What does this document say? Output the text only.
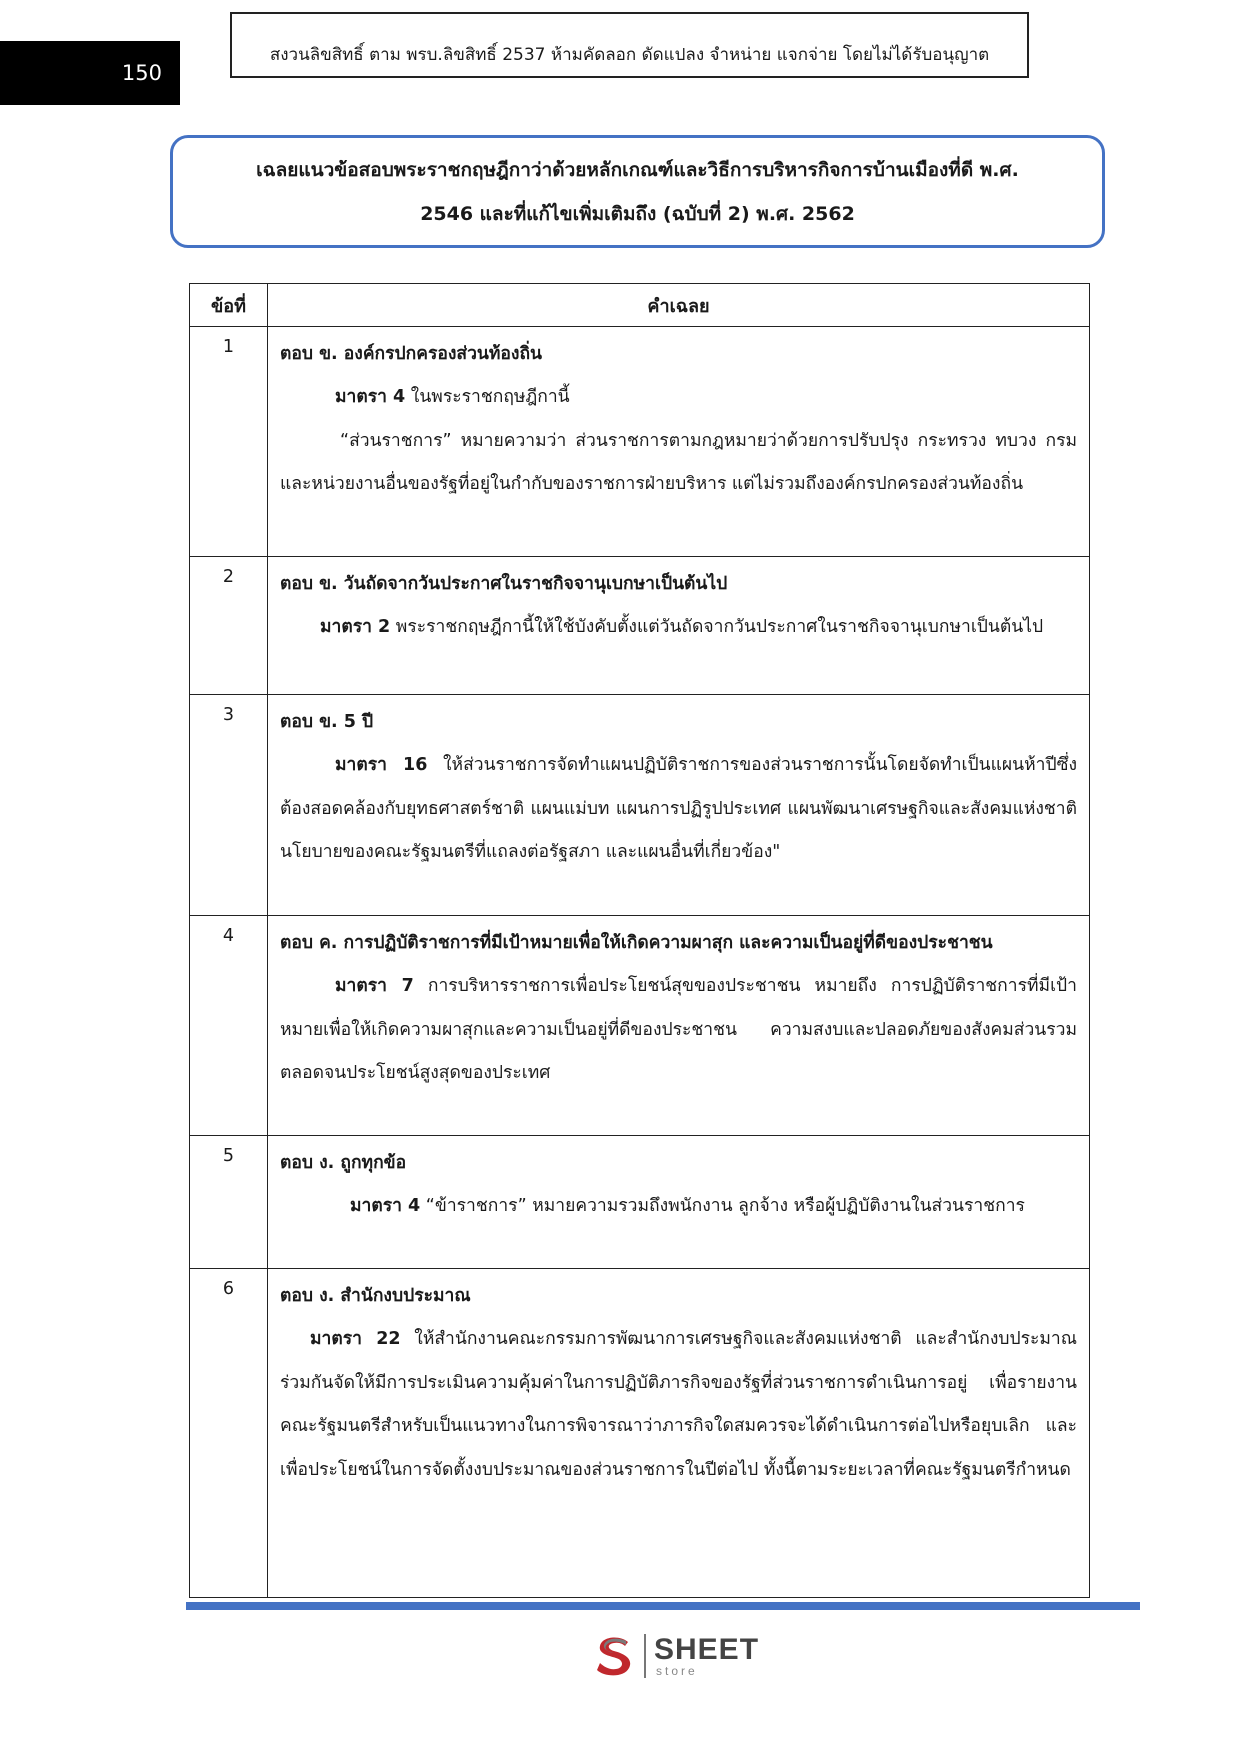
150
สงวนลิขสิทธิ์ ตาม พรบ.ลิขสิทธิ์ 2537 ห้ามคัดลอก ดัดแปลง จำหน่าย แจกจ่าย โดยไม่ได้รับอนุญาต
เฉลยแนวข้อสอบพระราชกฤษฎีกาว่าด้วยหลักเกณฑ์และวิธีการบริหารกิจการบ้านเมืองที่ดี พ.ศ.
2546 และที่แก้ไขเพิ่มเติมถึง (ฉบับที่ 2) พ.ศ. 2562
ข้อที่	คำเฉลย
1	ตอบ ข. องค์กรปกครองส่วนท้องถิ่น
มาตรา 4 ในพระราชกฤษฎีกานี้
“ส่วนราชการ” หมายความว่า ส่วนราชการตามกฎหมายว่าด้วยการปรับปรุง กระทรวง ทบวง กรม และหน่วยงานอื่นของรัฐที่อยู่ในกำกับของราชการฝ่ายบริหาร แต่ไม่รวมถึงองค์กรปกครองส่วนท้องถิ่น

2	ตอบ ข. วันถัดจากวันประกาศในราชกิจจานุเบกษาเป็นต้นไป
มาตรา 2 พระราชกฤษฎีกานี้ให้ใช้บังคับตั้งแต่วันถัดจากวันประกาศในราชกิจจานุเบกษาเป็นต้นไป

3	ตอบ ข. 5 ปี
มาตรา 16 ให้ส่วนราชการจัดทำแผนปฏิบัติราชการของส่วนราชการนั้นโดยจัดทำเป็นแผนห้าปีซึ่งต้องสอดคล้องกับยุทธศาสตร์ชาติ แผนแม่บท แผนการปฏิรูปประเทศ แผนพัฒนาเศรษฐกิจและสังคมแห่งชาติ นโยบายของคณะรัฐมนตรีที่แถลงต่อรัฐสภา และแผนอื่นที่เกี่ยวข้อง"

4	ตอบ ค. การปฏิบัติราชการที่มีเป้าหมายเพื่อให้เกิดความผาสุก และความเป็นอยู่ที่ดีของประชาชน
มาตรา 7 การบริหารราชการเพื่อประโยชน์สุขของประชาชน หมายถึง การปฏิบัติราชการที่มีเป้าหมายเพื่อให้เกิดความผาสุกและความเป็นอยู่ที่ดีของประชาชน ความสงบและปลอดภัยของสังคมส่วนรวม ตลอดจนประโยชน์สูงสุดของประเทศ

5	ตอบ ง. ถูกทุกข้อ
มาตรา 4 “ข้าราชการ” หมายความรวมถึงพนักงาน ลูกจ้าง หรือผู้ปฏิบัติงานในส่วนราชการ

6	ตอบ ง. สำนักงบประมาณ
มาตรา 22 ให้สำนักงานคณะกรรมการพัฒนาการเศรษฐกิจและสังคมแห่งชาติ และสำนักงบประมาณร่วมกันจัดให้มีการประเมินความคุ้มค่าในการปฏิบัติภารกิจของรัฐที่ส่วนราชการดำเนินการอยู่ เพื่อรายงานคณะรัฐมนตรีสำหรับเป็นแนวทางในการพิจารณาว่าภารกิจใดสมควรจะได้ดำเนินการต่อไปหรือยุบเลิก และเพื่อประโยชน์ในการจัดตั้งงบประมาณของส่วนราชการในปีต่อไป ทั้งนี้ตามระยะเวลาที่คณะรัฐมนตรีกำหนด
SHEET
store
